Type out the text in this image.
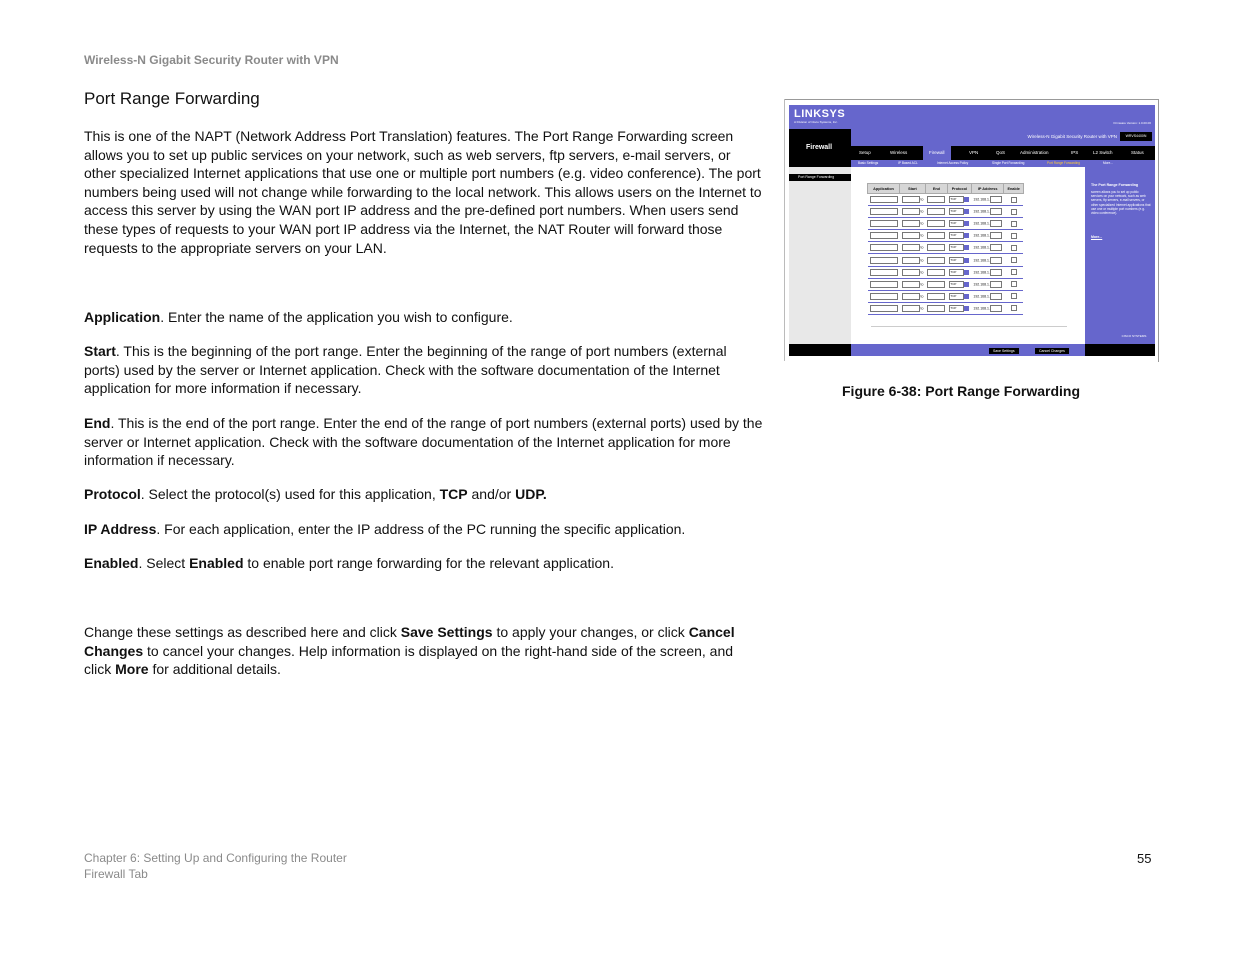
Wireless-N Gigabit Security Router with VPN
Port Range Forwarding

This is one of the NAPT (Network Address Port Translation) features. The Port Range Forwarding screen allows you to set up public services on your network, such as web servers, ftp servers, e-mail servers, or other specialized Internet applications that use one or multiple port numbers (e.g. video conference). The port numbers being used will not change while forwarding to the local network. This allows users on the Internet to access this server by using the WAN port IP address and the pre-defined port numbers. When users send these types of requests to your WAN port IP address via the Internet, the NAT Router will forward those requests to the appropriate servers on your LAN.

Application. Enter the name of the application you wish to configure.

Start. This is the beginning of the port range. Enter the beginning of the range of port numbers (external ports) used by the server or Internet application. Check with the software documentation of the Internet application for more information if necessary.

End. This is the end of the port range. Enter the end of the range of port numbers (external ports) used by the server or Internet application. Check with the software documentation of the Internet application for more information if necessary.

Protocol. Select the protocol(s) used for this application, TCP and/or UDP.

IP Address. For each application, enter the IP address of the PC running the specific application.

Enabled. Select Enabled to enable port range forwarding for the relevant application.

Change these settings as described here and click Save Settings to apply your changes, or click Cancel Changes to cancel your changes. Help information is displayed on the right-hand side of the screen, and click More for additional details.

LINKSYS
A Division of Cisco Systems, Inc.	Firmware Version: 1.0.00.00
Firewall
Wireless-N Gigabit Security Router with VPN	WRVS4400N
Setup	Wireless	Firewall	VPN	QoS	Administration	IPS	L2 Switch	Status
Basic Settings	IP Based ACL	Internet Access Policy	Single Port Forwarding	Port Range Forwarding	More...
Port Range Forwarding
The Port Range Forwarding
screen allows you to set up public services on your network, such as web servers, ftp servers, e-mail servers, or other specialized Internet applications that use one or multiple port numbers (e.g. video conference).
More...
CISCO SYSTEMS
Application	Start	End	Protocol	IP Address	Enable
	to		TCP	192.168.1.	
	to		TCP	192.168.1.	
	to		TCP	192.168.1.	
	to		TCP	192.168.1.	
	to		TCP	192.168.1.	
	to		TCP	192.168.1.	
	to		TCP	192.168.1.	
	to		TCP	192.168.1.	
	to		TCP	192.168.1.	
	to		TCP	192.168.1.	
Save Settings	Cancel Changes
Figure 6-38: Port Range Forwarding
Chapter 6: Setting Up and Configuring the Router
Firewall Tab
55
